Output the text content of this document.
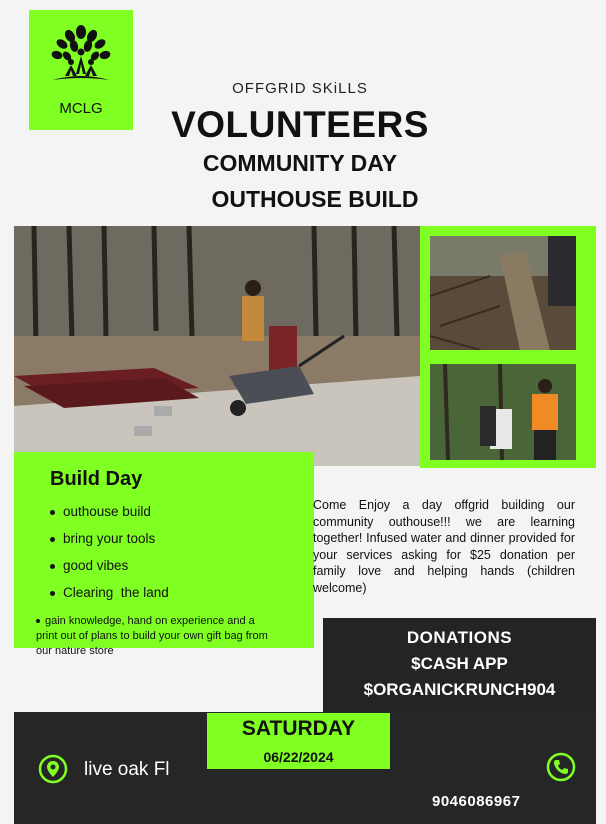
MCLG
OFFGRID SKiLLS
VOLUNTEERS
COMMUNITY DAY
OUTHOUSE BUILD
Build Day
outhouse build
bring your tools
good vibes
Clearing  the land
gain knowledge, hand on experience and a print out of plans to build your own gift bag from our nature store
Come Enjoy a day offgrid building our community outhouse!!! we are learning together! Infused water and dinner provided for your services asking for $25 donation per family love and helping hands (children welcome)
DONATIONS
$CASH APP
$ORGANICKRUNCH904
SATURDAY
06/22/2024
live oak Fl
9046086967
